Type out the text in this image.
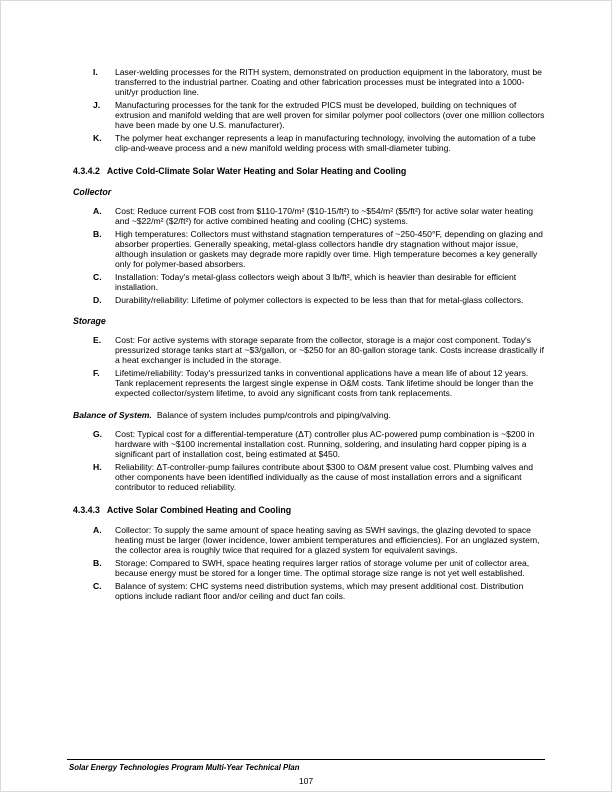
I.	Laser-welding processes for the RITH system, demonstrated on production equipment in the laboratory, must be transferred to the industrial partner. Coating and other fabrication processes must be integrated into a 1000-unit/yr production line.
J.	Manufacturing processes for the tank for the extruded PICS must be developed, building on techniques of extrusion and manifold welding that are well proven for similar polymer pool collectors (over one million collectors have been made by one U.S. manufacturer).
K.	The polymer heat exchanger represents a leap in manufacturing technology, involving the automation of a tube clip-and-weave process and a new manifold welding process with small-diameter tubing.
4.3.4.2 Active Cold-Climate Solar Water Heating and Solar Heating and Cooling
Collector
A.	Cost: Reduce current FOB cost from $110-170/m² ($10-15/ft²) to ~$54/m² ($5/ft²) for active solar water heating and ~$22/m² ($2/ft²) for active combined heating and cooling (CHC) systems.
B.	High temperatures: Collectors must withstand stagnation temperatures of ~250-450°F, depending on glazing and absorber properties. Generally speaking, metal-glass collectors handle dry stagnation without major issue, although insulation or gaskets may degrade more rapidly over time. High temperature becomes a key generally only for polymer-based absorbers.
C.	Installation: Today's metal-glass collectors weigh about 3 lb/ft², which is heavier than desirable for efficient installation.
D.	Durability/reliability: Lifetime of polymer collectors is expected to be less than that for metal-glass collectors.
Storage
E.	Cost: For active systems with storage separate from the collector, storage is a major cost component. Today's pressurized storage tanks start at ~$3/gallon, or ~$250 for an 80-gallon storage tank. Costs increase drastically if a heat exchanger is included in the storage.
F.	Lifetime/reliability: Today's pressurized tanks in conventional applications have a mean life of about 12 years. Tank replacement represents the largest single expense in O&M costs. Tank lifetime should be longer than the expected collector/system lifetime, to avoid any significant costs from tank replacements.
Balance of System. Balance of system includes pump/controls and piping/valving.
G.	Cost: Typical cost for a differential-temperature (ΔT) controller plus AC-powered pump combination is ~$200 in hardware with ~$100 incremental installation cost. Running, soldering, and insulating hard copper piping is a significant part of installation cost, being estimated at $450.
H.	Reliability: ΔT-controller-pump failures contribute about $300 to O&M present value cost. Plumbing valves and other components have been identified individually as the cause of most installation errors and a significant contributor to reduced reliability.
4.3.4.3 Active Solar Combined Heating and Cooling
A.	Collector: To supply the same amount of space heating saving as SWH savings, the glazing devoted to space heating must be larger (lower incidence, lower ambient temperatures and efficiencies). For an unglazed system, the collector area is roughly twice that required for a glazed system for equivalent savings.
B.	Storage: Compared to SWH, space heating requires larger ratios of storage volume per unit of collector area, because energy must be stored for a longer time. The optimal storage size range is not yet well established.
C.	Balance of system: CHC systems need distribution systems, which may present additional cost. Distribution options include radiant floor and/or ceiling and duct fan coils.
Solar Energy Technologies Program Multi-Year Technical Plan
107
